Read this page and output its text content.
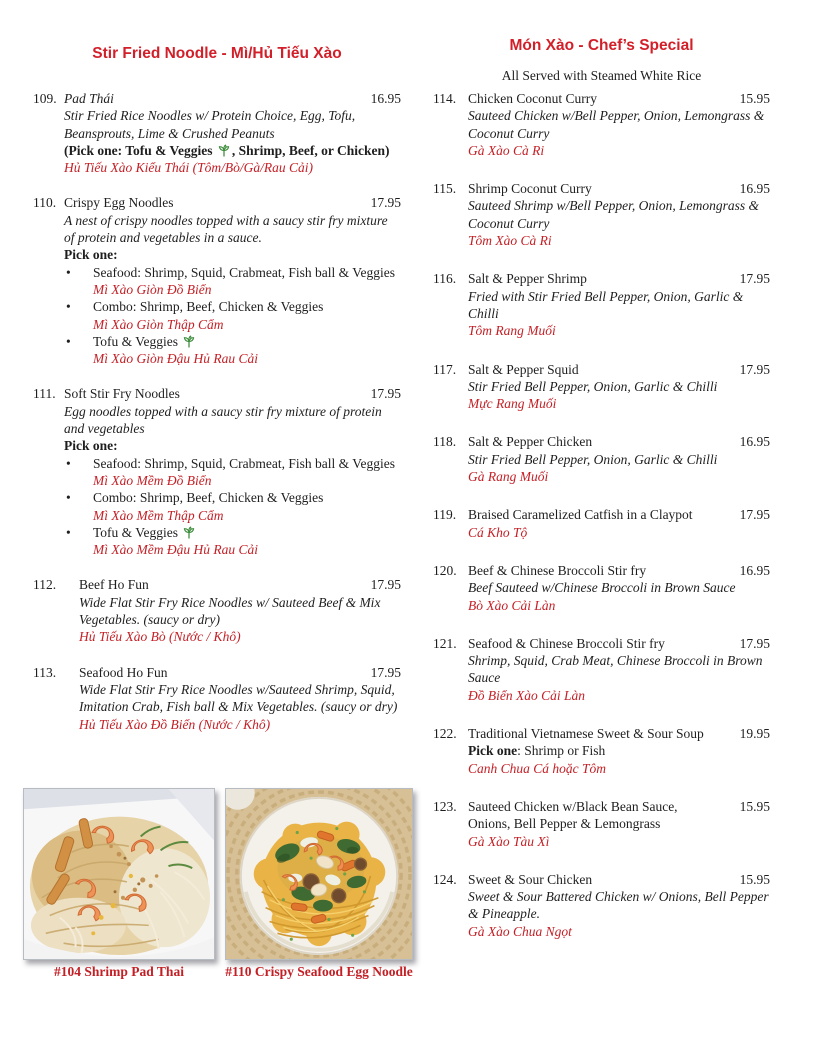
Stir Fried Noodle - Mì/Hủ Tiếu Xào
109. Pad Thái	16.95
Stir Fried Rice Noodles w/ Protein Choice, Egg, Tofu, Beansprouts, Lime & Crushed Peanuts
(Pick one: Tofu & Veggies , Shrimp, Beef, or Chicken)
Hủ Tiếu Xào Kiểu Thái (Tôm/Bò/Gà/Rau Cải)
110. Crispy Egg Noodles	17.95
A nest of crispy noodles topped with a saucy stir fry mixture of protein and vegetables in a sauce.
Pick one:
• Seafood: Shrimp, Squid, Crabmeat, Fish ball & Veggies
Mì Xào Giòn Đồ Biển
• Combo: Shrimp, Beef, Chicken & Veggies
Mì Xào Giòn Thập Cẩm
• Tofu & Veggies
Mì Xào Giòn Đậu Hủ Rau Cải
111. Soft Stir Fry Noodles	17.95
Egg noodles topped with a saucy stir fry mixture of protein and vegetables
Pick one:
• Seafood: Shrimp, Squid, Crabmeat, Fish ball & Veggies
Mì Xào Mềm Đồ Biển
• Combo: Shrimp, Beef, Chicken & Veggies
Mì Xào Mềm Thập Cẩm
• Tofu & Veggies
Mì Xào Mềm Đậu Hủ Rau Cải
112. Beef Ho Fun	17.95
Wide Flat Stir Fry Rice Noodles w/ Sauteed Beef & Mix Vegetables. (saucy or dry)
Hủ Tiếu Xào Bò (Nước / Khô)
113. Seafood Ho Fun	17.95
Wide Flat Stir Fry Rice Noodles w/Sauteed Shrimp, Squid, Imitation Crab, Fish ball & Mix Vegetables. (saucy or dry)
Hủ Tiếu Xào Đồ Biển (Nước / Khô)
Món Xào - Chef’s Special

All Served with Steamed White Rice

114. Chicken Coconut Curry	15.95
Sauteed Chicken w/Bell Pepper, Onion, Lemongrass & Coconut Curry
Gà Xào Cà Ri
115. Shrimp Coconut Curry	16.95
Sauteed Shrimp w/Bell Pepper, Onion, Lemongrass & Coconut Curry
Tôm Xào Cà Ri
116. Salt & Pepper Shrimp	17.95
Fried with Stir Fried Bell Pepper, Onion, Garlic & Chilli
Tôm Rang Muối
117. Salt & Pepper Squid	17.95
Stir Fried Bell Pepper, Onion, Garlic & Chilli
Mực Rang Muối
118. Salt & Pepper Chicken	16.95
Stir Fried Bell Pepper, Onion, Garlic & Chilli
Gà Rang Muối
119. Braised Caramelized Catfish in a Claypot	17.95
Cá Kho Tộ
120. Beef & Chinese Broccoli Stir fry	16.95
Beef Sauteed w/Chinese Broccoli in Brown Sauce
Bò Xào Cải Làn
121. Seafood & Chinese Broccoli Stir fry	17.95
Shrimp, Squid, Crab Meat, Chinese Broccoli in Brown Sauce
Đồ Biển Xào Cải Làn
122. Traditional Vietnamese Sweet & Sour Soup	19.95
Pick one: Shrimp or Fish
Canh Chua Cá hoặc Tôm
123. Sauteed Chicken w/Black Bean Sauce, Onions, Bell Pepper & Lemongrass
15.95
Gà Xào Tàu Xì
124. Sweet & Sour Chicken	15.95
Sweet & Sour Battered Chicken w/ Onions, Bell Pepper & Pineapple.
Gà Xào Chua Ngọt
#104 Shrimp Pad Thai	#110 Crispy Seafood Egg Noodle
